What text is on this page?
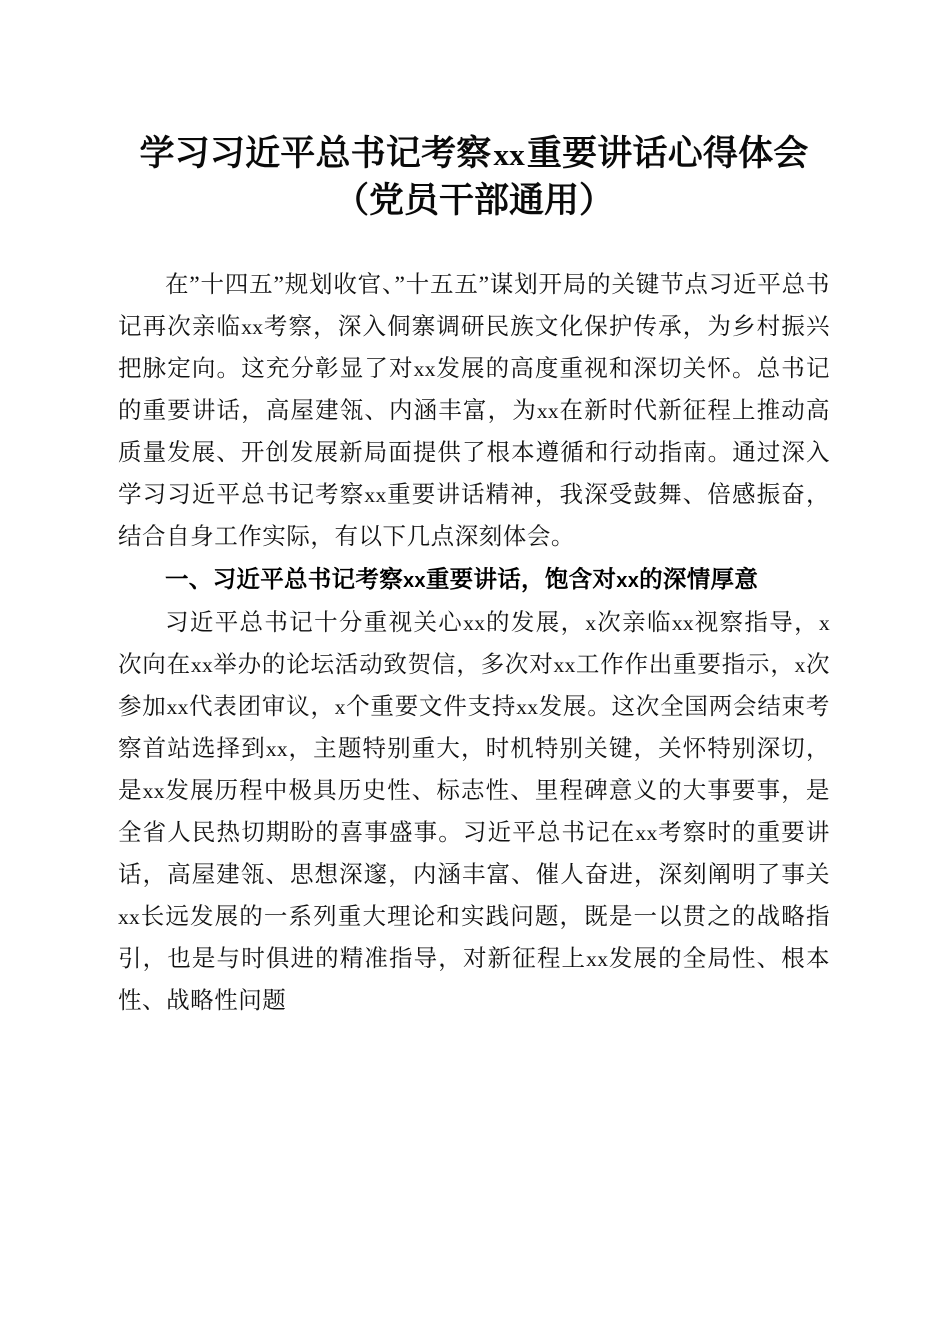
学习习近平总书记考察xx重要讲话心得体会
（党员干部通用）

在”十四五”规划收官、”十五五”谋划开局的关键节点习近平总书记再次亲临xx考察，深入侗寨调研民族文化保护传承，为乡村振兴把脉定向。这充分彰显了对xx发展的高度重视和深切关怀。总书记的重要讲话，高屋建瓴、内涵丰富，为xx在新时代新征程上推动高质量发展、开创发展新局面提供了根本遵循和行动指南。通过深入学习习近平总书记考察xx重要讲话精神，我深受鼓舞、倍感振奋，结合自身工作实际，有以下几点深刻体会。

一、习近平总书记考察xx重要讲话，饱含对xx的深情厚意

习近平总书记十分重视关心xx的发展，x次亲临xx视察指导，x次向在xx举办的论坛活动致贺信，多次对xx工作作出重要指示，x次参加xx代表团审议，x个重要文件支持xx发展。这次全国两会结束考察首站选择到xx，主题特别重大，时机特别关键，关怀特别深切，是xx发展历程中极具历史性、标志性、里程碑意义的大事要事，是全省人民热切期盼的喜事盛事。习近平总书记在xx考察时的重要讲话，高屋建瓴、思想深邃，内涵丰富、催人奋进，深刻阐明了事关xx长远发展的一系列重大理论和实践问题，既是一以贯之的战略指引，也是与时俱进的精准指导，对新征程上xx发展的全局性、根本性、战略性问题
